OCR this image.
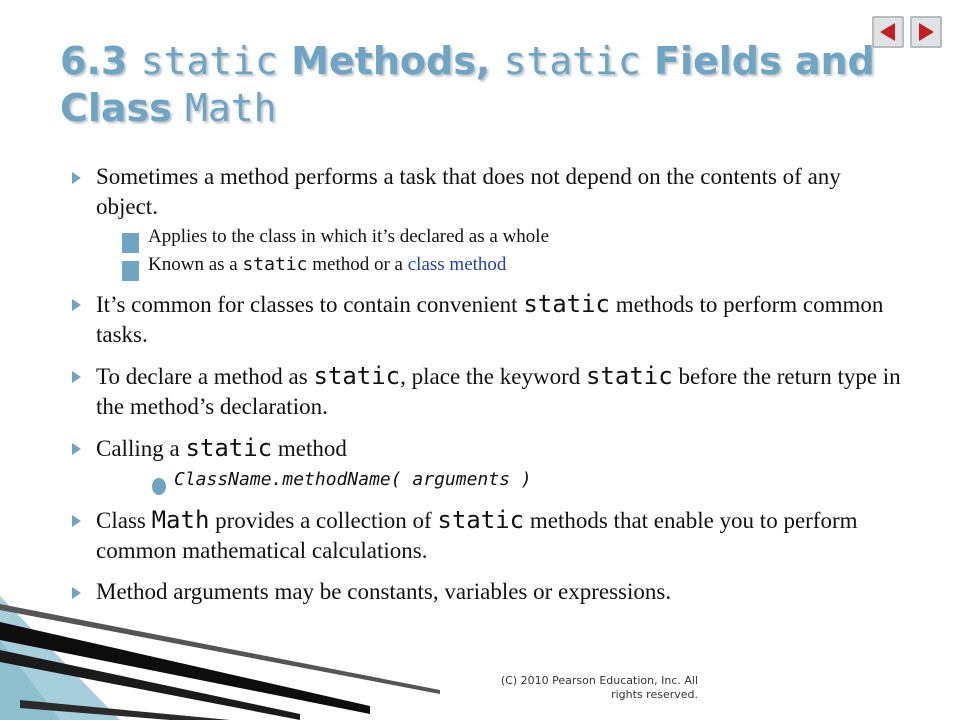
6.3 static Methods, static Fields and Class Math
Sometimes a method performs a task that does not depend on the contents of any object.
Applies to the class in which it’s declared as a whole
Known as a static method or a class method
It’s common for classes to contain convenient static methods to perform common tasks.
To declare a method as static, place the keyword static before the return type in the method’s declaration.
Calling a static method
ClassName.methodName( arguments )
Class Math provides a collection of static methods that enable you to perform common mathematical calculations.
Method arguments may be constants, variables or expressions.
(C) 2010 Pearson Education, Inc. All
rights reserved.
